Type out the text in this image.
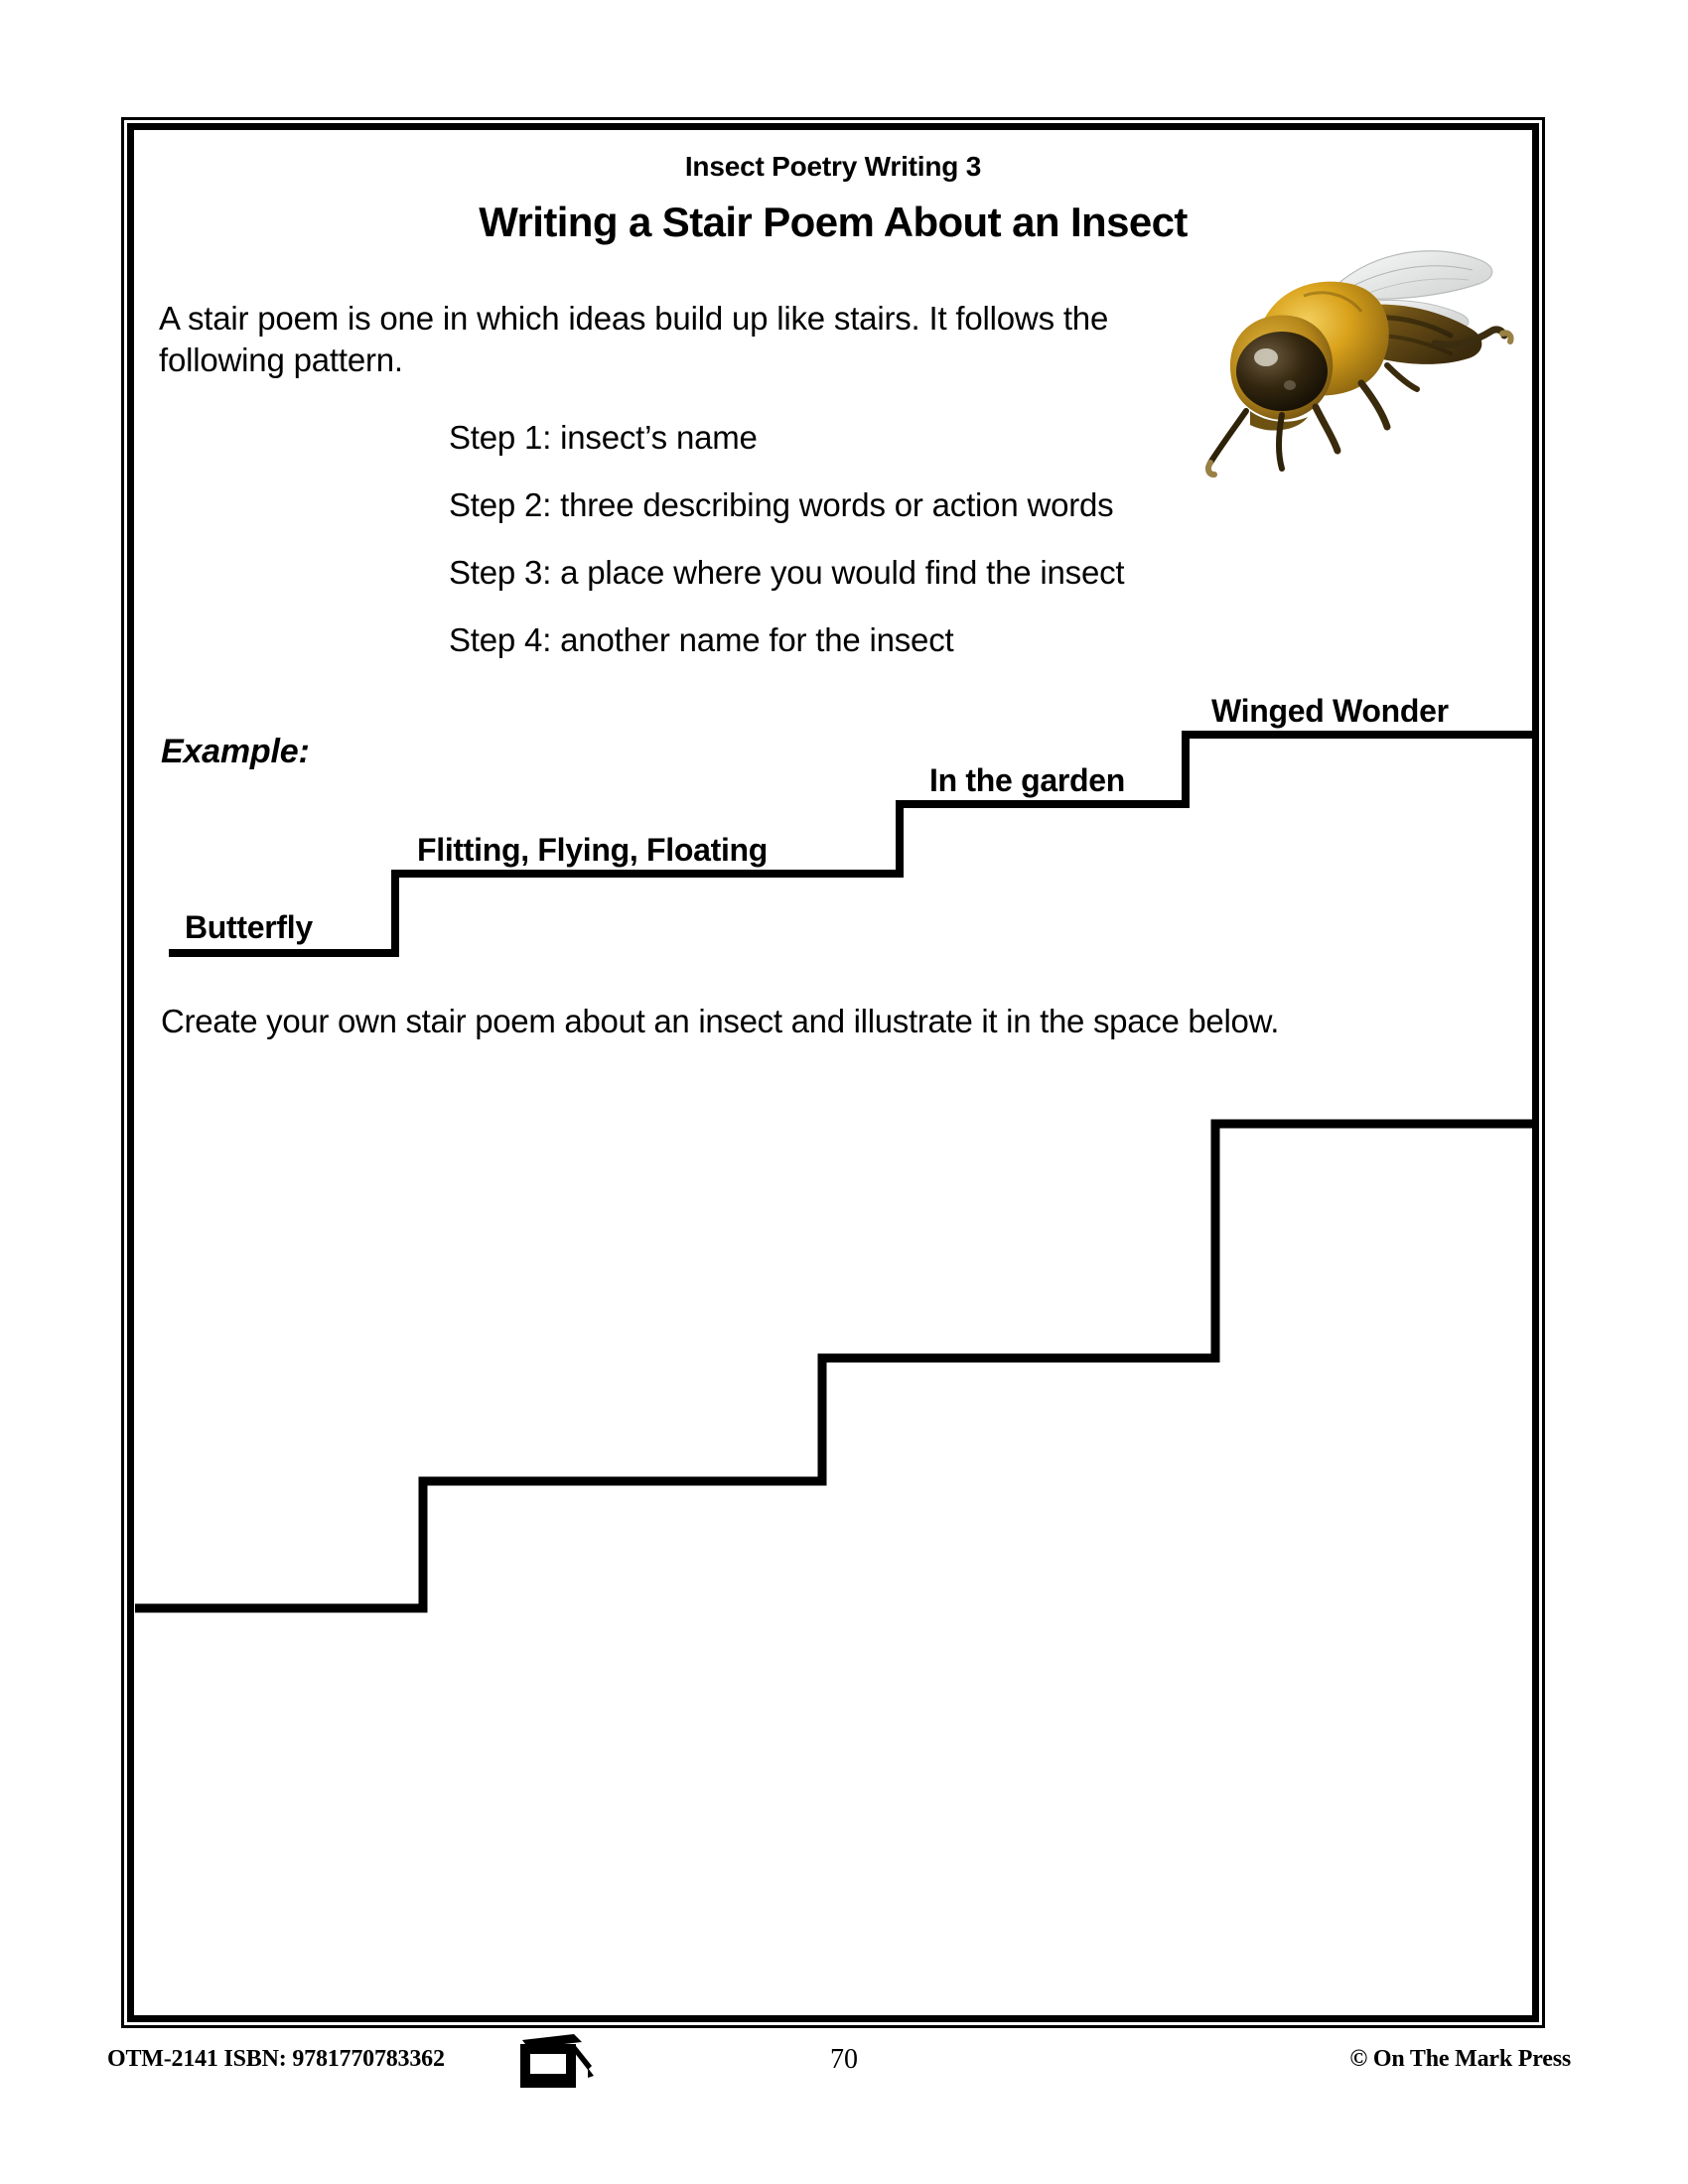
Insect Poetry Writing 3
Writing a Stair Poem About an Insect
A stair poem is one in which ideas build up like stairs. It follows the following pattern.
Step 1: insect’s name
Step 2: three describing words or action words
Step 3: a place where you would find the insect
Step 4: another name for the insect
Example:
Butterfly
Flitting, Flying, Floating
In the garden
Winged Wonder
Create your own stair poem about an insect and illustrate it in the space below.
OTM-2141 ISBN: 9781770783362	70	© On The Mark Press
